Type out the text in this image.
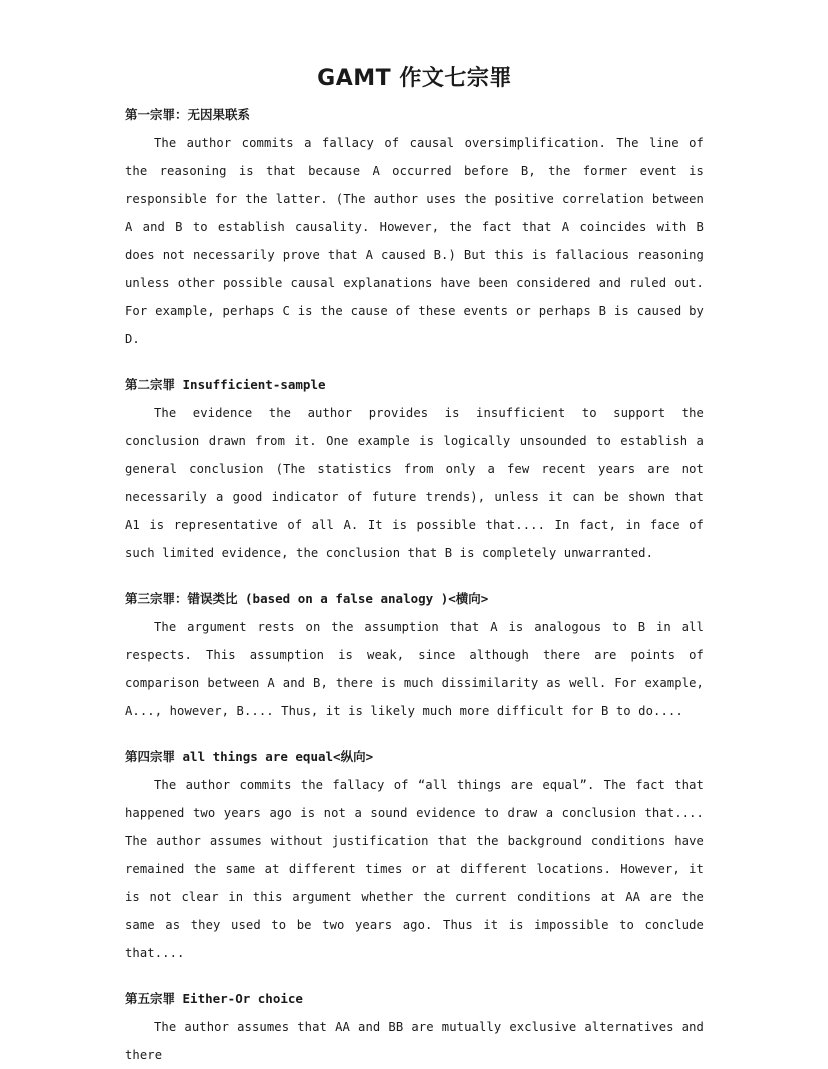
GAMT 作文七宗罪
第一宗罪：无因果联系

The author commits a fallacy of causal oversimplification. The line of the reasoning is that because A occurred before B, the former event is responsible for the latter. (The author uses the positive correlation between A and B to establish causality. However, the fact that A coincides with B does not necessarily prove that A caused B.) But this is fallacious reasoning unless other possible causal explanations have been considered and ruled out. For example, perhaps C is the cause of these events or perhaps B is caused by D.

第二宗罪 Insufficient-sample

The evidence the author provides is insufficient to support the conclusion drawn from it. One example is logically unsounded to establish a general conclusion (The statistics from only a few recent years are not necessarily a good indicator of future trends), unless it can be shown that A1 is representative of all A. It is possible that.... In fact, in face of such limited evidence, the conclusion that B is completely unwarranted.

第三宗罪：错误类比 (based on a false analogy )<横向>

The argument rests on the assumption that A is analogous to B in all respects. This assumption is weak, since although there are points of comparison between A and B, there is much dissimilarity as well. For example, A..., however, B.... Thus, it is likely much more difficult for B to do....

第四宗罪 all things are equal<纵向>

The author commits the fallacy of “all things are equal”. The fact that happened two years ago is not a sound evidence to draw a conclusion that.... The author assumes without justification that the background conditions have remained the same at different times or at different locations. However, it is not clear in this argument whether the current conditions at AA are the same as they used to be two years ago. Thus it is impossible to conclude that....

第五宗罪 Either-Or choice

The author assumes that AA and BB are mutually exclusive alternatives and there
